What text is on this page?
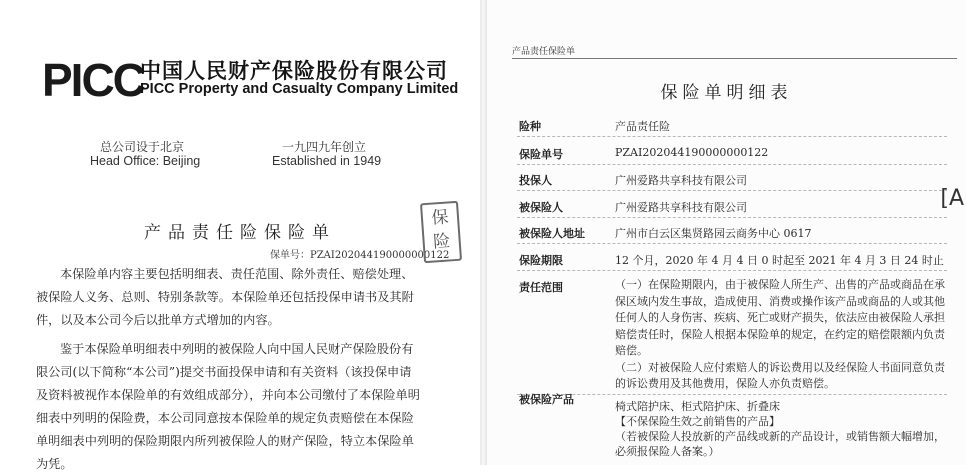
PICC
中国人民财产保险股份有限公司
PICC Property and Casualty Company Limited
总公司设于北京
Head Office: Beijing
一九四九年创立
Established in 1949
产品责任险保险单
保单号：PZAI202044190000000122

本保险单内容主要包括明细表、责任范围、除外责任、赔偿处理、被保险人义务、总则、特别条款等。本保险单还包括投保申请书及其附件，以及本公司今后以批单方式增加的内容。

鉴于本保险单明细表中列明的被保险人向中国人民财产保险股份有限公司(以下简称“本公司”)提交书面投保申请和有关资料（该投保申请及资料被视作本保险单的有效组成部分），并向本公司缴付了本保险单明细表中列明的保险费，本公司同意按本保险单的规定负责赔偿在本保险单明细表中列明的保险期限内所列被保险人的财产保险，特立本保险单为凭。

保
险
产品责任保险单
保险单明细表
[A
险种	产品责任险
保险单号	PZAI202044190000000122
投保人	广州爱路共享科技有限公司
被保险人	广州爱路共享科技有限公司
被保险人地址	广州市白云区集贤路园云商务中心 0617
保险期限	12 个月，2020 年 4 月 4 日 0 时起至 2021 年 4 月 3 日 24 时止
责任范围	（一）在保险期限内，由于被保险人所生产、出售的产品或商品在承

保区域内发生事故，造成使用、消费或操作该产品或商品的人或其他

任何人的人身伤害、疾病、死亡或财产损失，依法应由被保险人承担

赔偿责任时，保险人根据本保险单的规定，在约定的赔偿限额内负责

赔偿。

（二）对被保险人应付索赔人的诉讼费用以及经保险人书面同意负责

的诉讼费用及其他费用，保险人亦负责赔偿。

被保险产品

椅式陪护床、柜式陪护床、折叠床

【不保保险生效之前销售的产品】

（若被保险人投放新的产品线或新的产品设计，或销售额大幅增加，

必须报保险人备案。）
